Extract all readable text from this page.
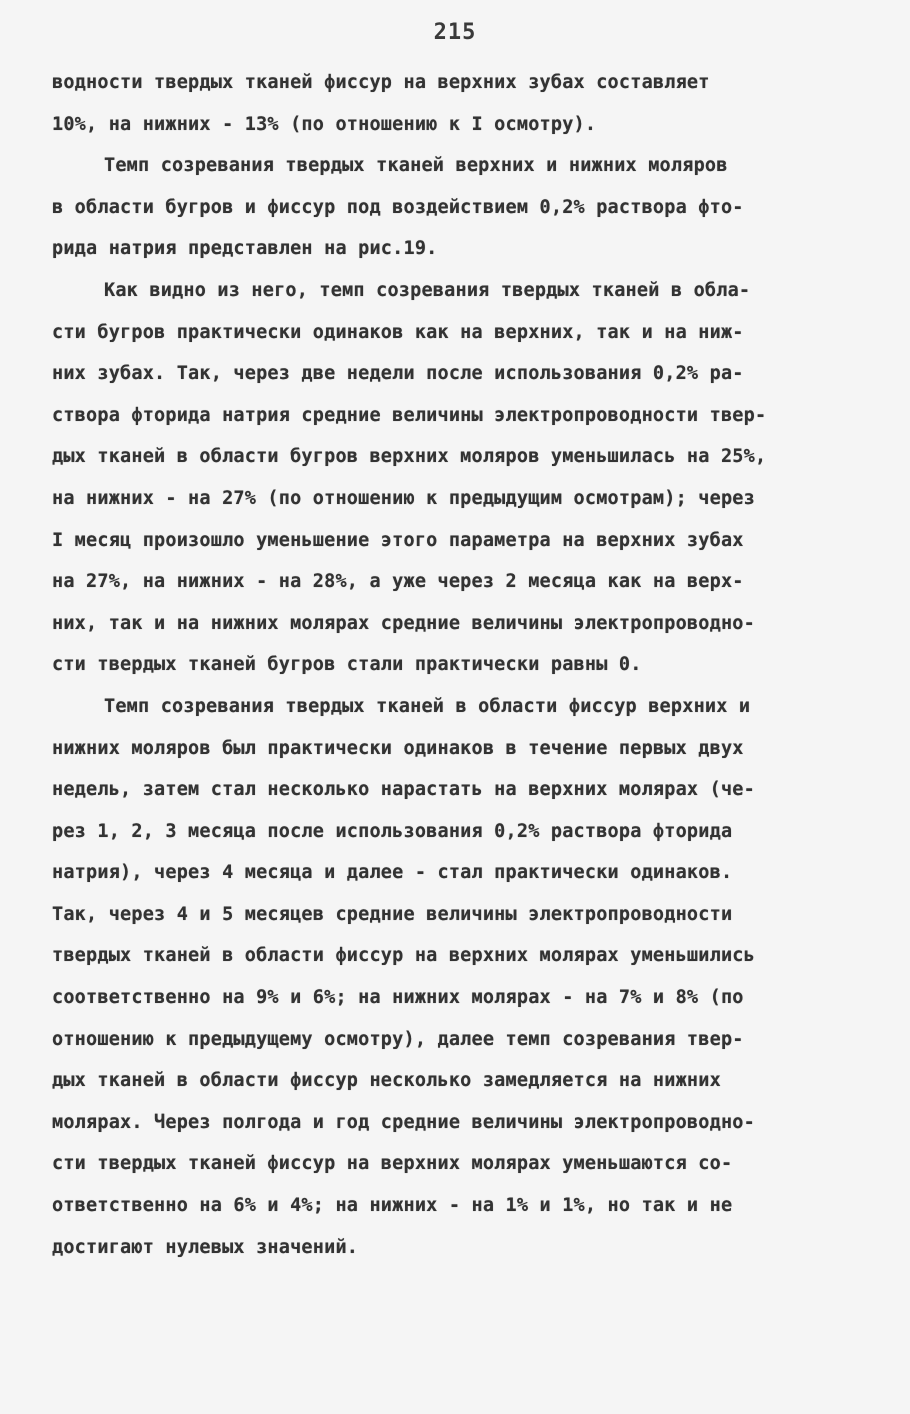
215
водности твердых тканей фиссур на верхних зубах составляет
10%, на нижних - 13% (по отношению к I осмотру).
Темп созревания твердых тканей верхних и нижних моляров
в области бугров и фиссур под воздействием 0,2% раствора фто-
рида натрия представлен на рис.19.
Как видно из него, темп созревания твердых тканей в обла-
сти бугров практически одинаков как на верхних, так и на ниж-
них зубах. Так, через две недели после использования 0,2% ра-
створа фторида натрия средние величины электропроводности твер-
дых тканей в области бугров верхних моляров уменьшилась на 25%,
на нижних - на 27% (по отношению к предыдущим осмотрам); через
I месяц произошло уменьшение этого параметра на верхних зубах
на 27%, на нижних - на 28%, а уже через 2 месяца как на верх-
них, так и на нижних молярах средние величины электропроводно-
сти твердых тканей бугров стали практически равны 0.
Темп созревания твердых тканей в области фиссур верхних и
нижних моляров был практически одинаков в течение первых двух
недель, затем стал несколько нарастать на верхних молярах (че-
рез 1, 2, 3 месяца после использования 0,2% раствора фторида
натрия), через 4 месяца и далее - стал практически одинаков.
Так, через 4 и 5 месяцев средние величины электропроводности
твердых тканей в области фиссур на верхних молярах уменьшились
соответственно на 9% и 6%; на нижних молярах - на 7% и 8% (по
отношению к предыдущему осмотру), далее темп созревания твер-
дых тканей в области фиссур несколько замедляется на нижних
молярах. Через полгода и год средние величины электропроводно-
сти твердых тканей фиссур на верхних молярах уменьшаются со-
ответственно на 6% и 4%; на нижних - на 1% и 1%, но так и не
достигают нулевых значений.
